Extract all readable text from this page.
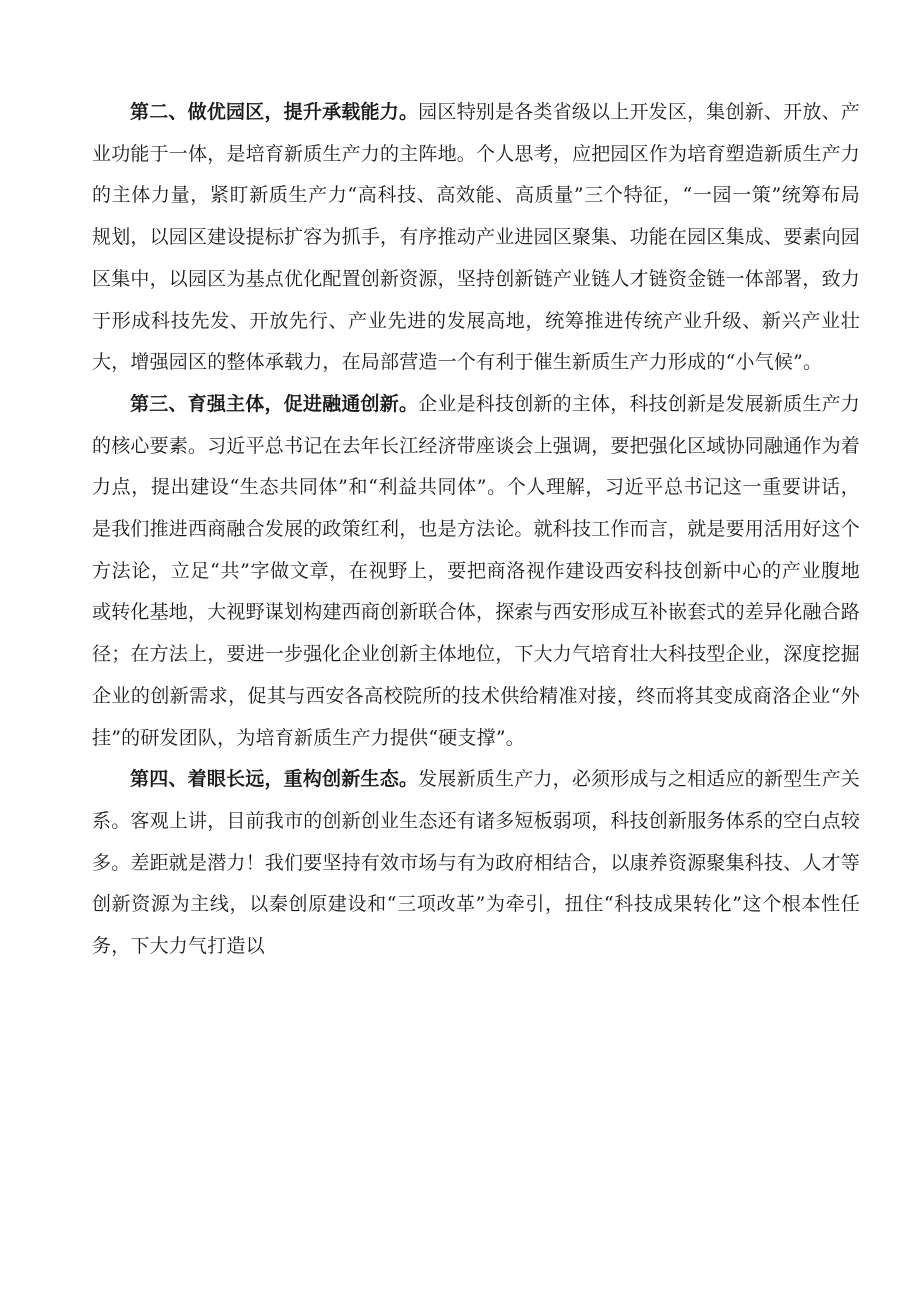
第二、做优园区，提升承载能力。园区特别是各类省级以上开发区，集创新、开放、产业功能于一体，是培育新质生产力的主阵地。个人思考，应把园区作为培育塑造新质生产力的主体力量，紧盯新质生产力“高科技、高效能、高质量”三个特征，“一园一策”统筹布局规划，以园区建设提标扩容为抓手，有序推动产业进园区聚集、功能在园区集成、要素向园区集中，以园区为基点优化配置创新资源，坚持创新链产业链人才链资金链一体部署，致力于形成科技先发、开放先行、产业先进的发展高地，统筹推进传统产业升级、新兴产业壮大，增强园区的整体承载力，在局部营造一个有利于催生新质生产力形成的“小气候”。

第三、育强主体，促进融通创新。企业是科技创新的主体，科技创新是发展新质生产力的核心要素。习近平总书记在去年长江经济带座谈会上强调，要把强化区域协同融通作为着力点，提出建设“生态共同体”和“利益共同体”。个人理解，习近平总书记这一重要讲话，是我们推进西商融合发展的政策红利，也是方法论。就科技工作而言，就是要用活用好这个方法论，立足“共”字做文章，在视野上，要把商洛视作建设西安科技创新中心的产业腹地或转化基地，大视野谋划构建西商创新联合体，探索与西安形成互补嵌套式的差异化融合路径；在方法上，要进一步强化企业创新主体地位，下大力气培育壮大科技型企业，深度挖掘企业的创新需求，促其与西安各高校院所的技术供给精准对接，终而将其变成商洛企业“外挂”的研发团队，为培育新质生产力提供“硬支撑”。

第四、着眼长远，重构创新生态。发展新质生产力，必须形成与之相适应的新型生产关系。客观上讲，目前我市的创新创业生态还有诸多短板弱项，科技创新服务体系的空白点较多。差距就是潜力！我们要坚持有效市场与有为政府相结合，以康养资源聚集科技、人才等创新资源为主线，以秦创原建设和“三项改革”为牵引，扭住“科技成果转化”这个根本性任务，下大力气打造以
